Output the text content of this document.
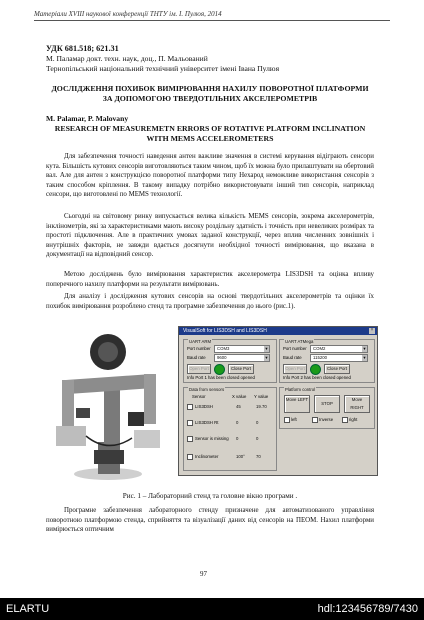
Матеріали XVIII наукової конференції ТНТУ ім. І. Пулюя, 2014
УДК 681.518; 621.31
М. Паламар докт. техн. наук, доц., П. Мальований
Тернопільський національний технічний університет імені Івана Пулюя
ДОСЛІДЖЕННЯ ПОХИБОК ВИМІРЮВАННЯ НАХИЛУ ПОВОРОТНОЇ ПЛАТФОРМИ ЗА ДОПОМОГОЮ ТВЕРДОТІЛЬНИХ АКСЕЛЕРОМЕТРІВ
M. Palamar, P. Malovany
RESEARCH OF MEASUREMETN ERRORS OF ROTATIVE PLATFORM INCLINATION WITH MEMS ACCELEROMETERS

Для забезпечення точності наведення антен важливе значення в системі керування відіграють сенсори кута. Більшість кутових сенсорів виготовляються таким чином, щоб їх можна було прилаштувати на обертовий вал. Але для антен з конструкцією поворотної платформи типу Нехарод неможливе використання сенсорів з таким способом кріплення. В такому випадку потрібно використовувати інший тип сенсорів, наприклад сенсори, що виготовлені по MEMS технології.

Сьогодні на світовому ринку випускається велика кількість MEMS сенсорів, зокрема акселерометрів, інклінометрів, які за характеристиками мають високу роздільну здатність і точність при невеликих розмірах та простоті підключення. Але в практичних умовах заданої конструкції, через вплив численних зовнішніх і внутрішніх факторів, не завжди вдається досягнути необхідної точності вимірювання, що вказана в документації на відповідний сенсор.

Метою досліджень було вимірювання характеристик акселерометра LIS3DSH та оцінка впливу поперечного нахилу платформи на результати вимірювань.

Для аналізу і дослідження кутових сенсорів на основі твердотільних акселерометрів та оцінки їх похибок вимірювання розроблено стенд та програмне забезпечення до нього (рис.1).

VisualSoft for LIS3DSH and LIS3DSH	×
UART ARM
Port number	COM3	▼
Baud rate	9600	▼
Open Port	Close Port
Info Port 1 has been closed opened
UART ATMega
Port number	COM2	▼
Baud rate	115200	▼
Open Port	Close Port
Info Port 2 has been closed opened
Data from sensors
Sensor	X value Y value
LIS3DSH	45	19.70
LIS3DSH Rt	0	0
Sensor is missing 0	0
Inclinometer	100°	70
Platform control
Move LEFT
STOP
Move RIGHT
left	Inverse	right
Рис. 1 – Лабораторний стенд та головне вікно програми .

Програмне забезпечення лабораторного стенду призначене для автоматизованого управління поворотною платформою стенда, сприйняття та візуалізації даних від сенсорів на ПЕОМ. Нахил платформи вимірюється оптичним

97
ELARTU	hdl:123456789/7430
